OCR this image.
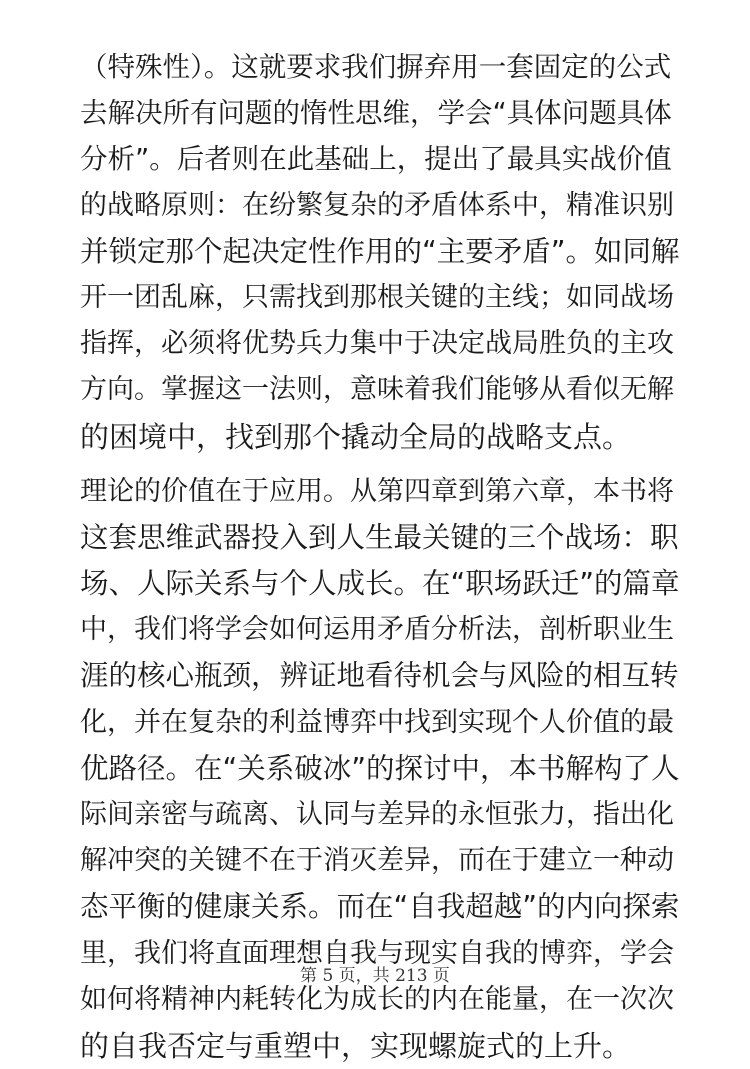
（特殊性）。这就要求我们摒弃用一套固定的公式
去解决所有问题的惰性思维，学会“具体问题具体
分析”。后者则在此基础上，提出了最具实战价值
的战略原则：在纷繁复杂的矛盾体系中，精准识别
并锁定那个起决定性作用的“主要矛盾”。如同解
开一团乱麻，只需找到那根关键的主线；如同战场
指挥，必须将优势兵力集中于决定战局胜负的主攻
方向。掌握这一法则，意味着我们能够从看似无解
的困境中，找到那个撬动全局的战略支点。
理论的价值在于应用。从第四章到第六章，本书将
这套思维武器投入到人生最关键的三个战场：职
场、人际关系与个人成长。在“职场跃迁”的篇章
中，我们将学会如何运用矛盾分析法，剖析职业生
涯的核心瓶颈，辨证地看待机会与风险的相互转
化，并在复杂的利益博弈中找到实现个人价值的最
优路径。在“关系破冰”的探讨中，本书解构了人
际间亲密与疏离、认同与差异的永恒张力，指出化
解冲突的关键不在于消灭差异，而在于建立一种动
态平衡的健康关系。而在“自我超越”的内向探索
里，我们将直面理想自我与现实自我的博弈，学会
如何将精神内耗转化为成长的内在能量，在一次次
的自我否定与重塑中，实现螺旋式的上升。
第 5 页，共 213 页
